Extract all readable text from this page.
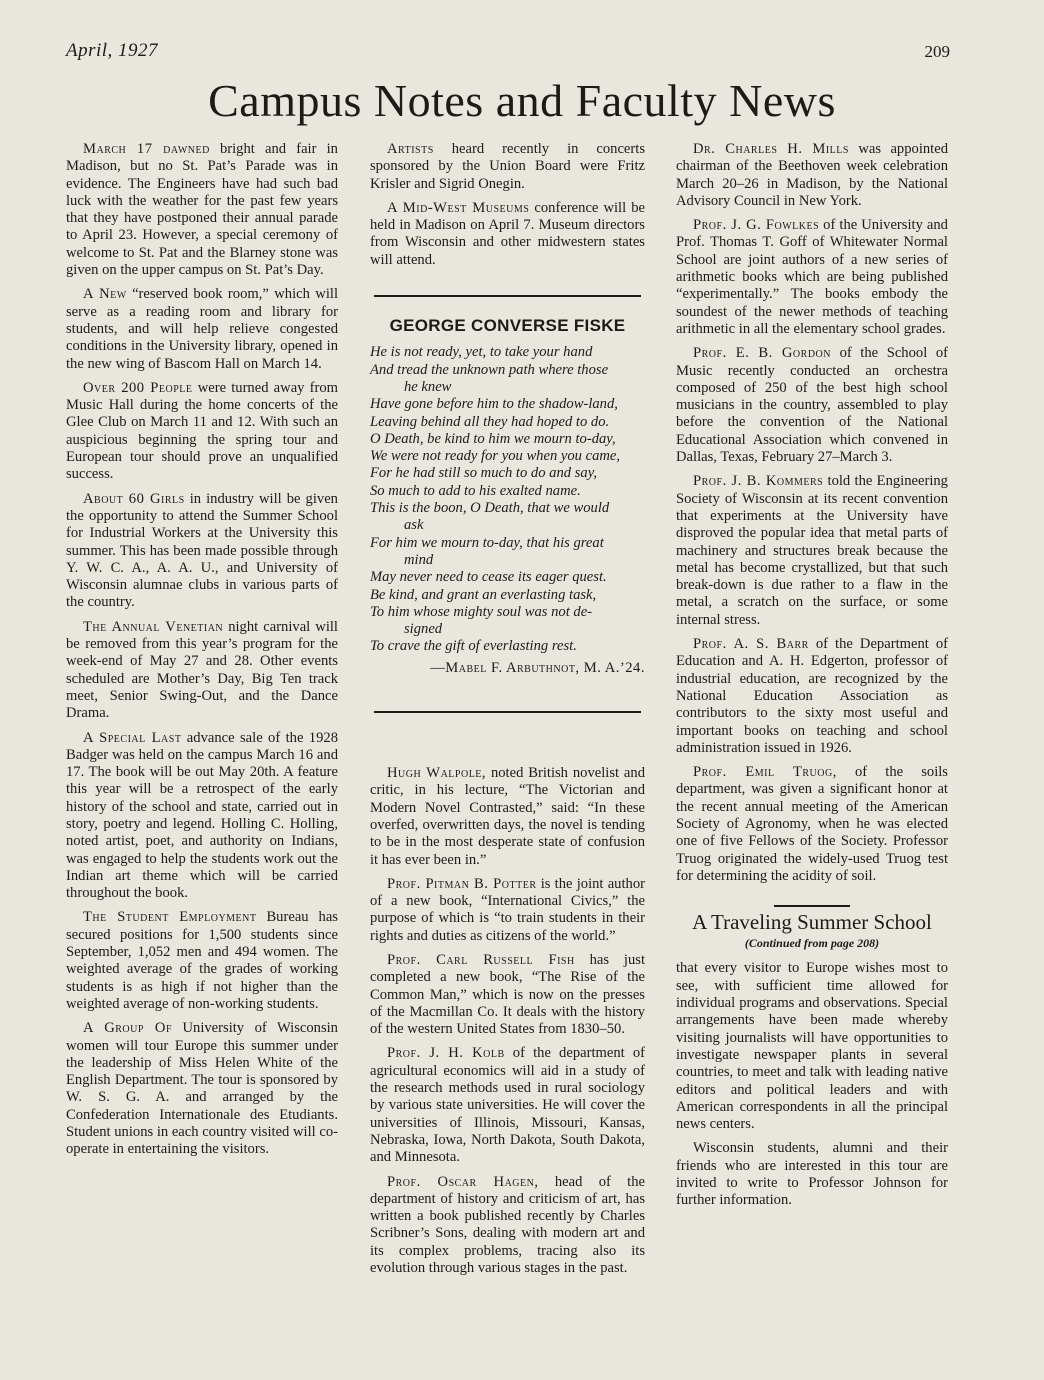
April, 1927	209
Campus Notes and Faculty News

March 17 dawned bright and fair in Madison, but no St. Pat’s Parade was in evidence. The Engineers have had such bad luck with the weather for the past few years that they have postponed their annual parade to April 23. However, a special ceremony of welcome to St. Pat and the Blarney stone was given on the upper campus on St. Pat’s Day.

A New “reserved book room,” which will serve as a reading room and library for students, and will help relieve congested conditions in the University library, opened in the new wing of Bascom Hall on March 14.

Over 200 People were turned away from Music Hall during the home concerts of the Glee Club on March 11 and 12. With such an auspicious beginning the spring tour and European tour should prove an unqualified success.

About 60 Girls in industry will be given the opportunity to attend the Summer School for Industrial Workers at the University this summer. This has been made possible through Y. W. C. A., A. A. U., and University of Wisconsin alumnae clubs in various parts of the country.

The Annual Venetian night carnival will be removed from this year’s program for the week-end of May 27 and 28. Other events scheduled are Mother’s Day, Big Ten track meet, Senior Swing-Out, and the Dance Drama.

A Special Last advance sale of the 1928 Badger was held on the campus March 16 and 17. The book will be out May 20th. A feature this year will be a retrospect of the early history of the school and state, carried out in story, poetry and legend. Holling C. Holling, noted artist, poet, and authority on Indians, was engaged to help the students work out the Indian art theme which will be carried throughout the book.

The Student Employment Bureau has secured positions for 1,500 students since September, 1,052 men and 494 women. The weighted average of the grades of working students is as high if not higher than the weighted average of non-working students.

A Group Of University of Wisconsin women will tour Europe this summer under the leadership of Miss Helen White of the English Department. The tour is sponsored by W. S. G. A. and arranged by the Confederation Internationale des Etudiants. Student unions in each country visited will co-operate in entertaining the visitors.

Artists heard recently in concerts sponsored by the Union Board were Fritz Krisler and Sigrid Onegin.

A Mid-West Museums conference will be held in Madison on April 7. Museum directors from Wisconsin and other midwestern states will attend.

GEORGE CONVERSE FISKE
He is not ready, yet, to take your hand
And tread the unknown path where those
he knew
Have gone before him to the shadow-land,
Leaving behind all they had hoped to do.
O Death, be kind to him we mourn to-day,
We were not ready for you when you came,
For he had still so much to do and say,
So much to add to his exalted name.
This is the boon, O Death, that we would
ask
For him we mourn to-day, that his great
mind
May never need to cease its eager quest.
Be kind, and grant an everlasting task,
To him whose mighty soul was not de-
signed
To crave the gift of everlasting rest.
—Mabel F. Arbuthnot, M. A.’24.

Hugh Walpole, noted British novelist and critic, in his lecture, “The Victorian and Modern Novel Contrasted,” said: “In these overfed, overwritten days, the novel is tending to be in the most desperate state of confusion it has ever been in.”

Prof. Pitman B. Potter is the joint author of a new book, “International Civics,” the purpose of which is “to train students in their rights and duties as citizens of the world.”

Prof. Carl Russell Fish has just completed a new book, “The Rise of the Common Man,” which is now on the presses of the Macmillan Co. It deals with the history of the western United States from 1830–50.

Prof. J. H. Kolb of the department of agricultural economics will aid in a study of the research methods used in rural sociology by various state universities. He will cover the universities of Illinois, Missouri, Kansas, Nebraska, Iowa, North Dakota, South Dakota, and Minnesota.

Prof. Oscar Hagen, head of the department of history and criticism of art, has written a book published recently by Charles Scribner’s Sons, dealing with modern art and its complex problems, tracing also its evolution through various stages in the past.

Dr. Charles H. Mills was appointed chairman of the Beethoven week celebration March 20–26 in Madison, by the National Advisory Council in New York.

Prof. J. G. Fowlkes of the University and Prof. Thomas T. Goff of Whitewater Normal School are joint authors of a new series of arithmetic books which are being published “experimentally.” The books embody the soundest of the newer methods of teaching arithmetic in all the elementary school grades.

Prof. E. B. Gordon of the School of Music recently conducted an orchestra composed of 250 of the best high school musicians in the country, assembled to play before the convention of the National Educational Association which convened in Dallas, Texas, February 27–March 3.

Prof. J. B. Kommers told the Engineering Society of Wisconsin at its recent convention that experiments at the University have disproved the popular idea that metal parts of machinery and structures break because the metal has become crystallized, but that such break-down is due rather to a flaw in the metal, a scratch on the surface, or some internal stress.

Prof. A. S. Barr of the Department of Education and A. H. Edgerton, professor of industrial education, are recognized by the National Education Association as contributors to the sixty most useful and important books on teaching and school administration issued in 1926.

Prof. Emil Truog, of the soils department, was given a significant honor at the recent annual meeting of the American Society of Agronomy, when he was elected one of five Fellows of the Society. Professor Truog originated the widely-used Truog test for determining the acidity of soil.

A Traveling Summer School
(Continued from page 208)

that every visitor to Europe wishes most to see, with sufficient time allowed for individual programs and observations. Special arrangements have been made whereby visiting journalists will have opportunities to investigate newspaper plants in several countries, to meet and talk with leading native editors and political leaders and with American correspondents in all the principal news centers.

Wisconsin students, alumni and their friends who are interested in this tour are invited to write to Professor Johnson for further information.
